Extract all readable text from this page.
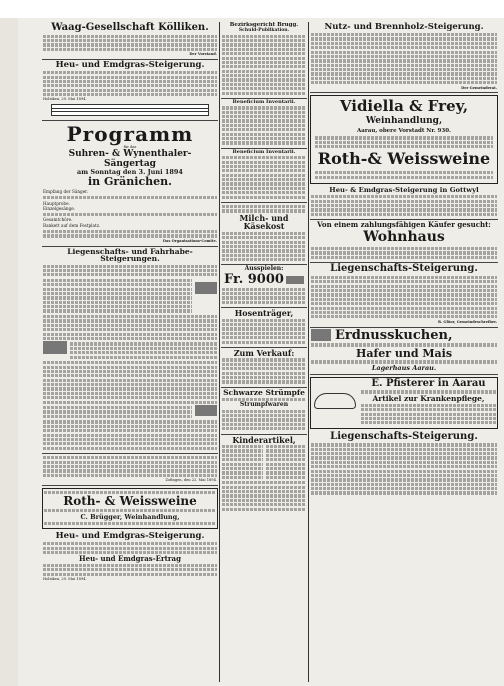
Waag-Gesellschaft Kölliken.
Der Vorstand.
Heu- und Emdgras-Steigerung.
Holziken, 29. Mai 1894.
Programm
für das
Suhren- & Wynenthaler-Sängertag
am Sonntag den 3. Juni 1894
in Gränichen.
Empfang der Sänger.
Hauptprobe.
Einzelgesänge.
Gesamtchöre.
Bankett auf dem Festplatz.
Das Organisations-Comite.
Liegenschafts- und Fahrhabe-Steigerungen.
Zofingen, den 22. Mai 1894.
Roth- & Weissweine
C. Brügger, Weinhandlung,
Heu- und Emdgras-Steigerung.
Heu- und Emdgras-Ertrag
Holziken, 29. Mai 1894.
Bezirksgericht Brugg.
Schuld-Publikation.
Beneficium Inventarii.
Beneficium Inventarii.
Milch- und Käsekost
Ausspielen:
Fr. 9000
Hosenträger,
Zum Verkauf:
Schwarze Strümpfe
Strumpfwaren
Kinderartikel,
Nutz- und Brennholz-Steigerung.
Der Gemeinderat.
Vidiella & Frey,
Weinhandlung,
Aarau, obere Vorstadt Nr. 930.
Roth-& Weissweine
Heu- & Emdgras-Steigerung in Gottwyl
Von einem zahlungsfähigen Käufer gesucht:
Wohnhaus
Liegenschafts-Steigerung.
R. Glöor, Gemeindeschreiber.
Erdnusskuchen,
Hafer und Mais
Lagerhaus Aarau.
E. Pfisterer in Aarau
Artikel zur Krankenpflege,
Liegenschafts-Steigerung.
